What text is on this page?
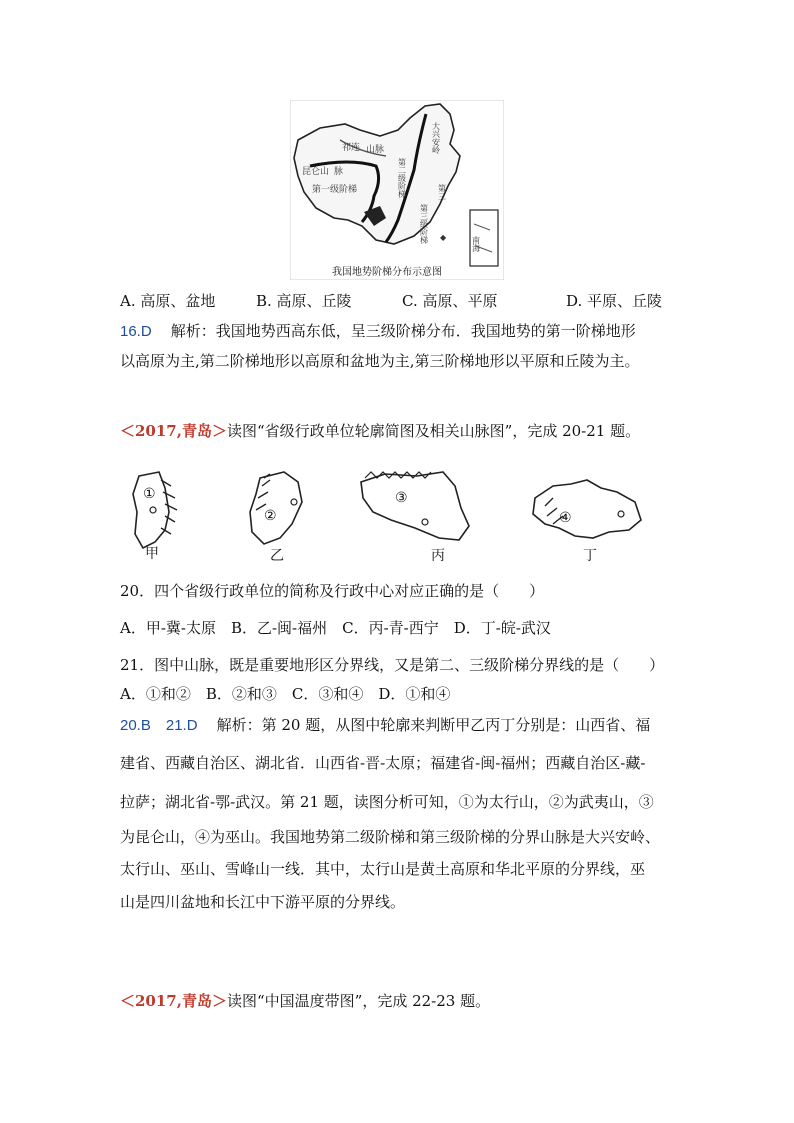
◆
大兴安岭
祁连 山脉
昆仑山 脉
第一级阶梯	第二级阶梯	第三
第三级阶梯	南海
我国地势阶梯分布示意图
A. 高原、盆地	B. 高原、丘陵	C. 高原、平原	D. 平原、丘陵
16.D 解析：我国地势西高东低，呈三级阶梯分布．我国地势的第一阶梯地形
以高原为主,第二阶梯地形以高原和盆地为主,第三阶梯地形以平原和丘陵为主。
＜2017,青岛＞读图“省级行政单位轮廓简图及相关山脉图”，完成 20-21 题。
①
甲
②
乙
③
丙
④
丁
20．四个省级行政单位的简称及行政中心对应正确的是（　　）
A．甲-冀-太原　B．乙-闽-福州　C．丙-青-西宁　D．丁-皖-武汉
21．图中山脉，既是重要地形区分界线，又是第二、三级阶梯分界线的是（　　）
A．①和②　B．②和③　C．③和④　D．①和④
20.B　21.D 解析：第 20 题，从图中轮廓来判断甲乙丙丁分别是：山西省、福
建省、西藏自治区、湖北省．山西省-晋-太原；福建省-闽-福州；西藏自治区-藏-
拉萨；湖北省-鄂-武汉。第 21 题，读图分析可知，①为太行山，②为武夷山，③
为昆仑山，④为巫山。我国地势第二级阶梯和第三级阶梯的分界山脉是大兴安岭、
太行山、巫山、雪峰山一线．其中，太行山是黄土高原和华北平原的分界线，巫
山是四川盆地和长江中下游平原的分界线。
＜2017,青岛＞读图“中国温度带图”，完成 22-23 题。
